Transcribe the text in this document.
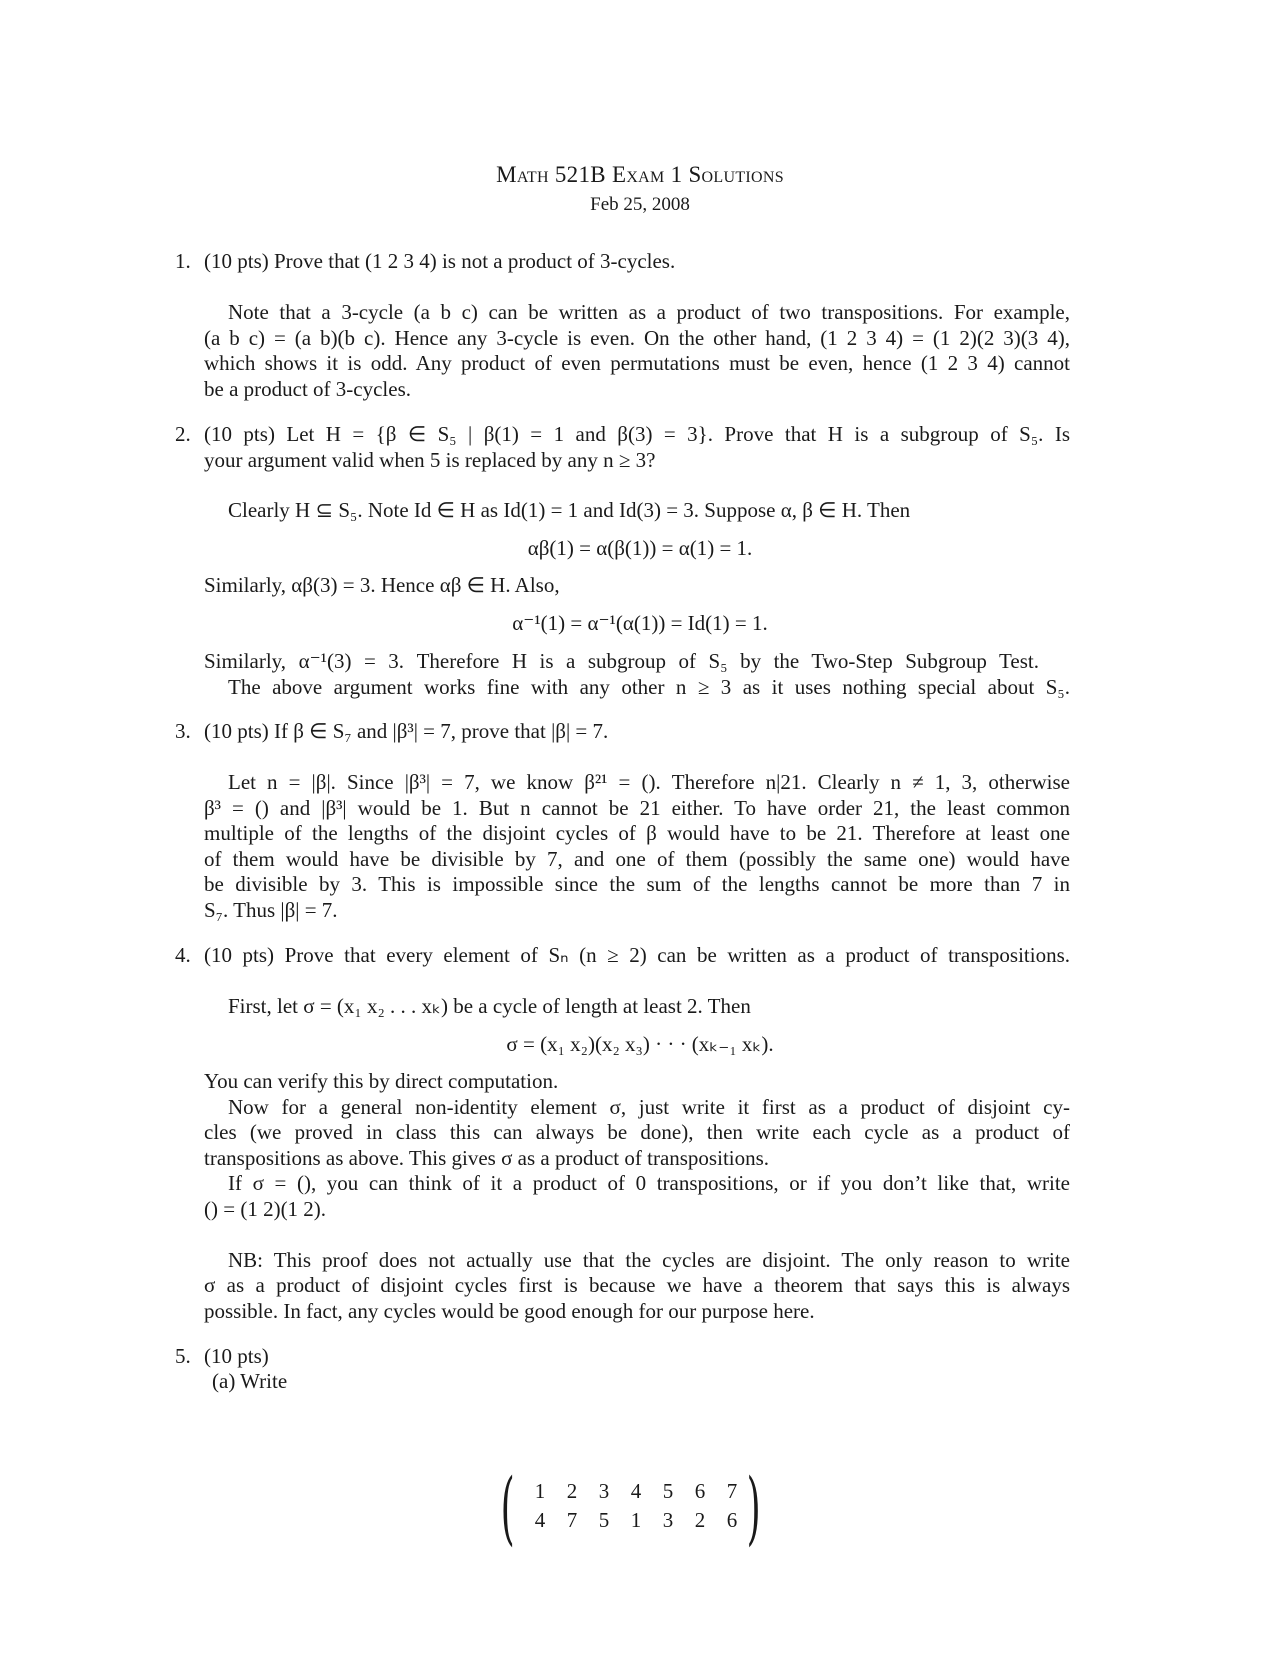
Math 521B Exam 1 Solutions
Feb 25, 2008
1. (10 pts) Prove that (1 2 3 4) is not a product of 3-cycles.
Note that a 3-cycle (a b c) can be written as a product of two transpositions. For example,
(a b c) = (a b)(b c). Hence any 3-cycle is even. On the other hand, (1 2 3 4) = (1 2)(2 3)(3 4),
which shows it is odd. Any product of even permutations must be even, hence (1 2 3 4) cannot
be a product of 3-cycles.
2. (10 pts) Let H = {β ∈ S₅ | β(1) = 1 and β(3) = 3}. Prove that H is a subgroup of S₅. Is
your argument valid when 5 is replaced by any n ≥ 3?
Clearly H ⊆ S₅. Note Id ∈ H as Id(1) = 1 and Id(3) = 3. Suppose α, β ∈ H. Then
αβ(1) = α(β(1)) = α(1) = 1.
Similarly, αβ(3) = 3. Hence αβ ∈ H. Also,
α⁻¹(1) = α⁻¹(α(1)) = Id(1) = 1.
Similarly, α⁻¹(3) = 3. Therefore H is a subgroup of S₅ by the Two-Step Subgroup Test.
The above argument works fine with any other n ≥ 3 as it uses nothing special about S₅.
3. (10 pts) If β ∈ S₇ and |β³| = 7, prove that |β| = 7.
Let n = |β|. Since |β³| = 7, we know β²¹ = (). Therefore n|21. Clearly n ≠ 1, 3, otherwise
β³ = () and |β³| would be 1. But n cannot be 21 either. To have order 21, the least common
multiple of the lengths of the disjoint cycles of β would have to be 21. Therefore at least one
of them would have be divisible by 7, and one of them (possibly the same one) would have
be divisible by 3. This is impossible since the sum of the lengths cannot be more than 7 in
S₇. Thus |β| = 7.
4. (10 pts) Prove that every element of Sₙ (n ≥ 2) can be written as a product of transpositions.
First, let σ = (x₁ x₂ . . . xₖ) be a cycle of length at least 2. Then
σ = (x₁ x₂)(x₂ x₃) · · · (xₖ₋₁ xₖ).
You can verify this by direct computation.
Now for a general non-identity element σ, just write it first as a product of disjoint cy-
cles (we proved in class this can always be done), then write each cycle as a product of
transpositions as above. This gives σ as a product of transpositions.
If σ = (), you can think of it a product of 0 transpositions, or if you don’t like that, write
() = (1 2)(1 2).
NB: This proof does not actually use that the cycles are disjoint. The only reason to write
σ as a product of disjoint cycles first is because we have a theorem that says this is always
possible. In fact, any cycles would be good enough for our purpose here.
5. (10 pts)
(a) Write
( 1	2	3	4	5	6	7
4	7	5	1	3	2	6 )
